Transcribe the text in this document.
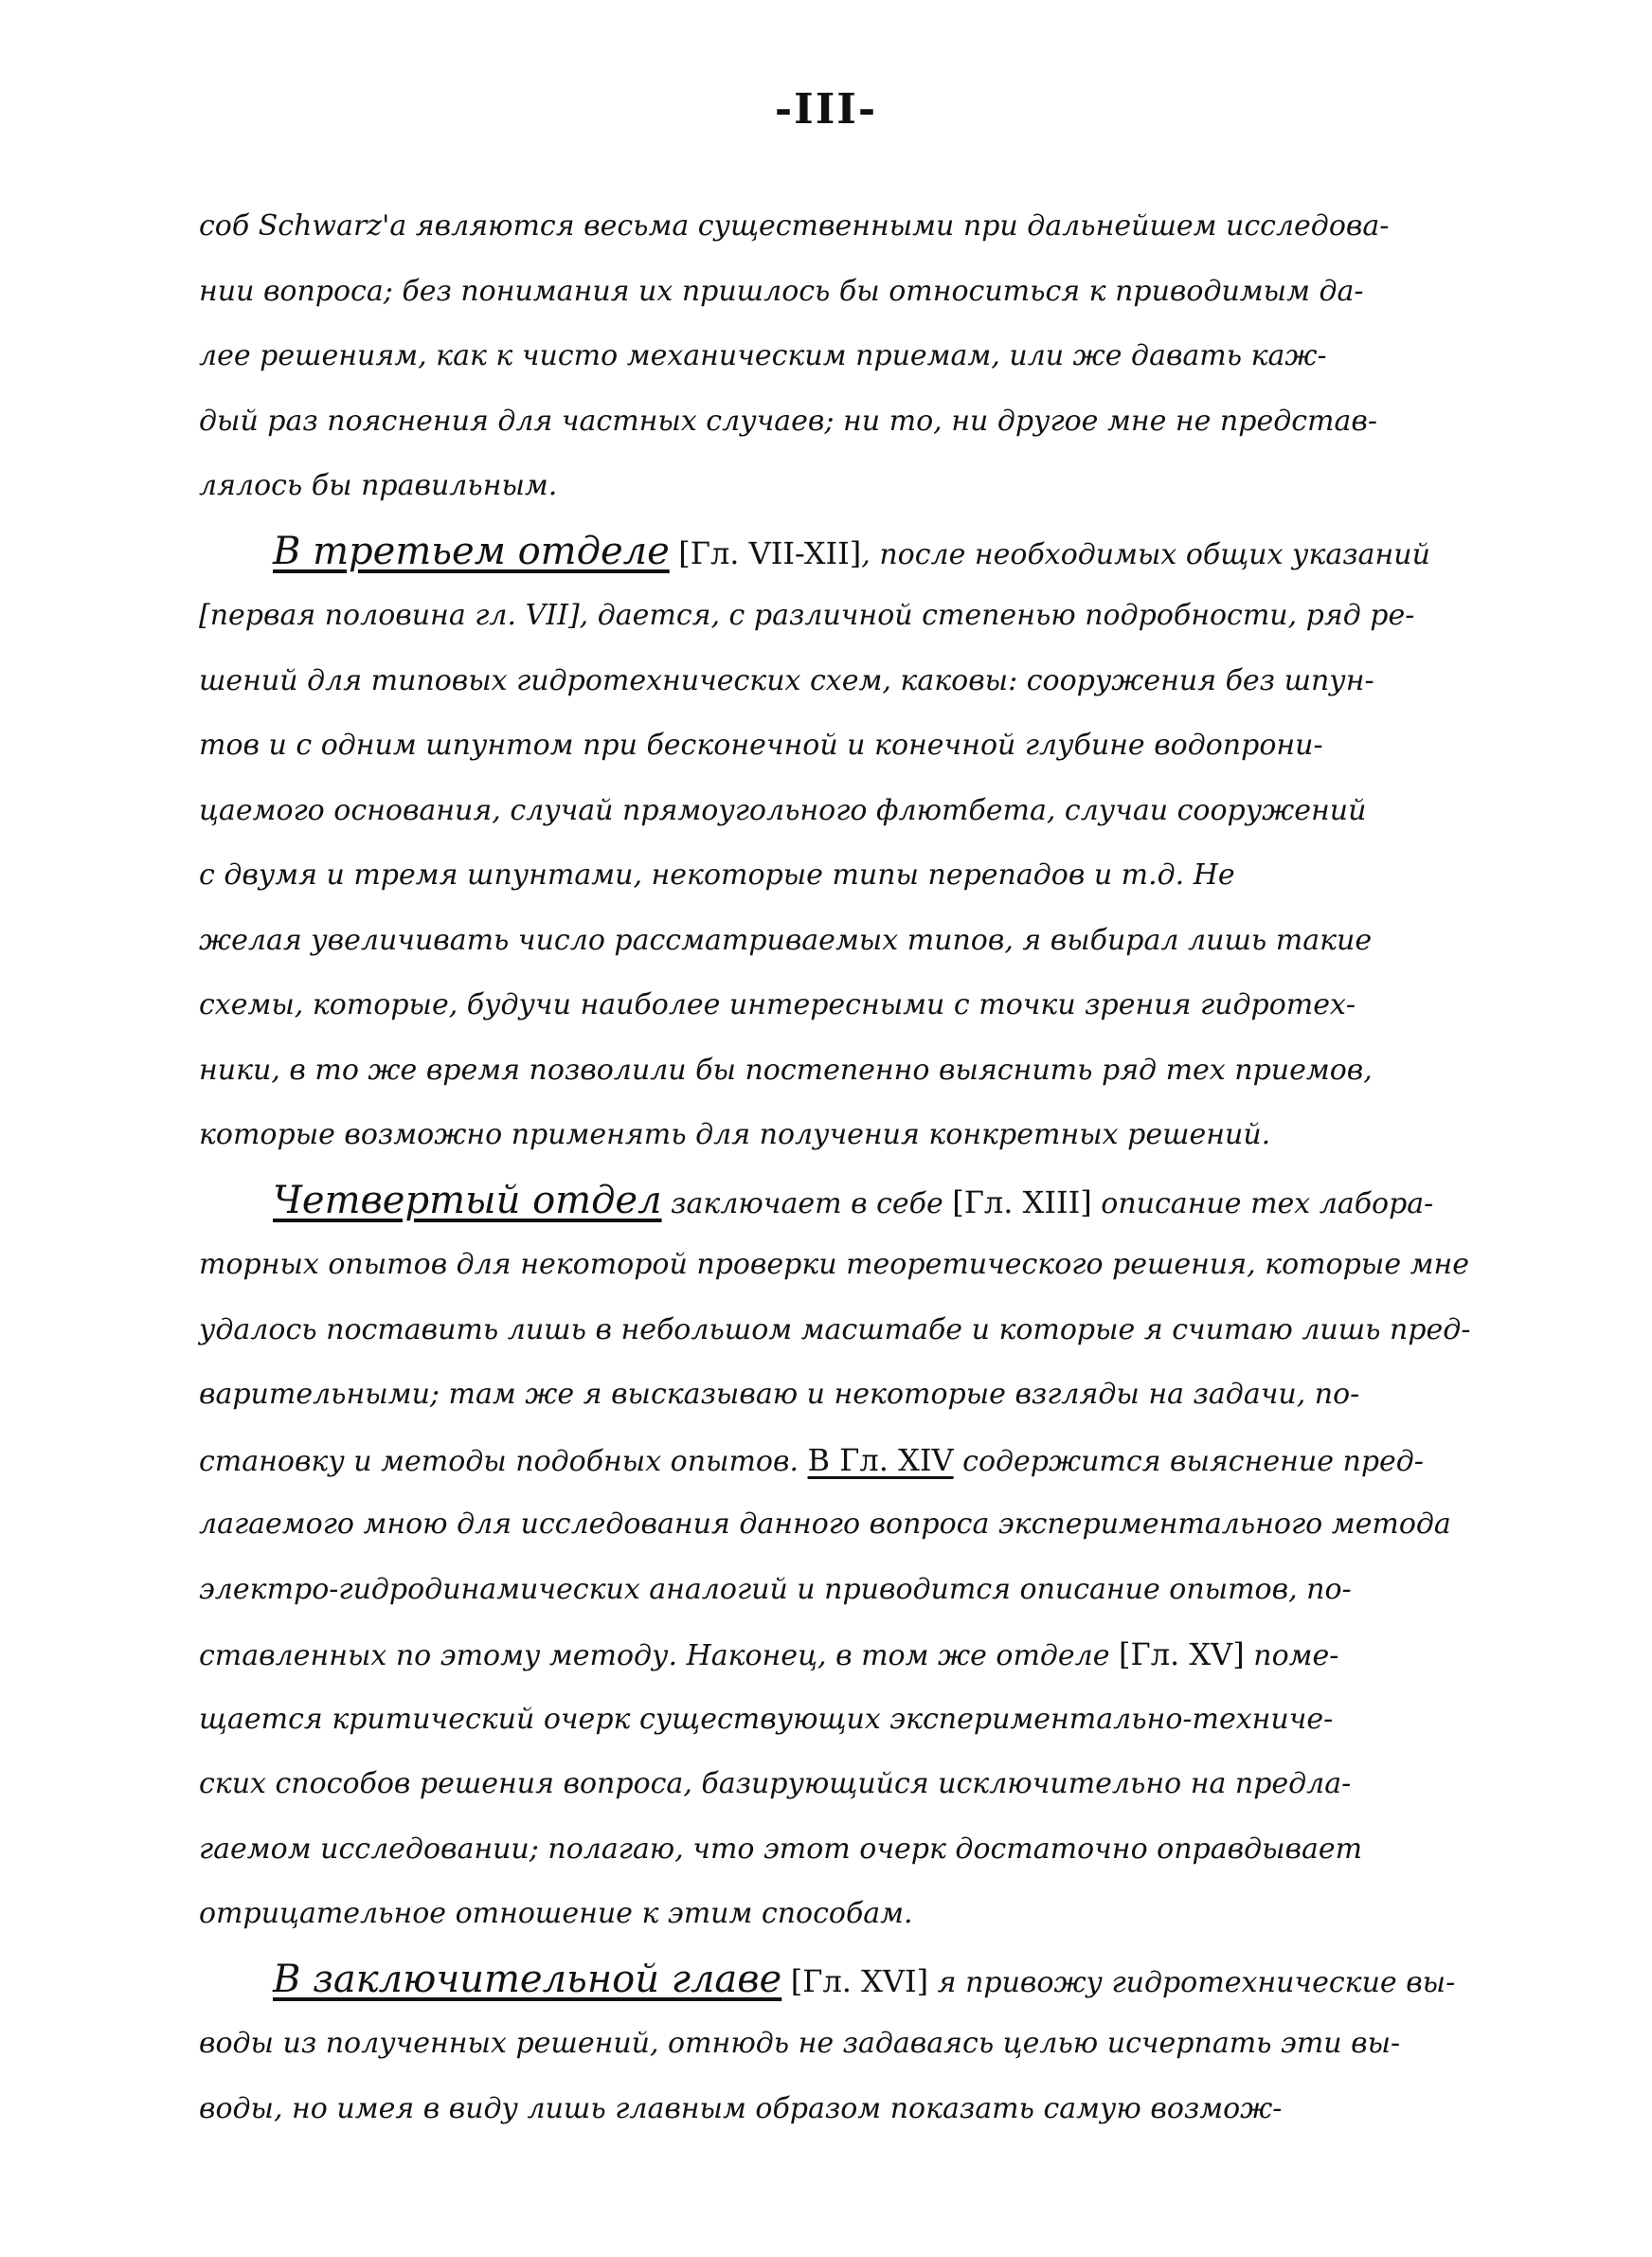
-III-
соб Schwarz'a являются весьма существенными при дальнейшем исследова-
нии вопроса; без понимания их пришлось бы относиться к приводимым да-
лее решениям, как к чисто механическим приемам, или же давать каж-
дый раз пояснения для частных случаев; ни то, ни другое мне не представ-
лялось бы правильным.
В третьем отделе [Гл. VII-XII], после необходимых общих указаний
[первая половина гл. VII], дается, с различной степенью подробности, ряд ре-
шений для типовых гидротехнических схем, каковы: сооружения без шпун-
тов и с одним шпунтом при бесконечной и конечной глубине водопрони-
цаемого основания, случай прямоугольного флютбета, случаи сооружений
с двумя и тремя шпунтами, некоторые типы перепадов и т.д. Не
желая увеличивать число рассматриваемых типов, я выбирал лишь такие
схемы, которые, будучи наиболее интересными с точки зрения гидротех-
ники, в то же время позволили бы постепенно выяснить ряд тех приемов,
которые возможно применять для получения конкретных решений.
Четвертый отдел заключает в себе [Гл. XIII] описание тех лабора-
торных опытов для некоторой проверки теоретического решения, которые мне
удалось поставить лишь в небольшом масштабе и которые я считаю лишь пред-
варительными; там же я высказываю и некоторые взгляды на задачи, по-
становку и методы подобных опытов. В Гл. XIV содержится выяснение пред-
лагаемого мною для исследования данного вопроса экспериментального метода
электро-гидродинамических аналогий и приводится описание опытов, по-
ставленных по этому методу. Наконец, в том же отделе [Гл. XV] поме-
щается критический очерк существующих экспериментально-техниче-
ских способов решения вопроса, базирующийся исключительно на предла-
гаемом исследовании; полагаю, что этот очерк достаточно оправдывает
отрицательное отношение к этим способам.
В заключительной главе [Гл. XVI] я привожу гидротехнические вы-
воды из полученных решений, отнюдь не задаваясь целью исчерпать эти вы-
воды, но имея в виду лишь главным образом показать самую возмож-
